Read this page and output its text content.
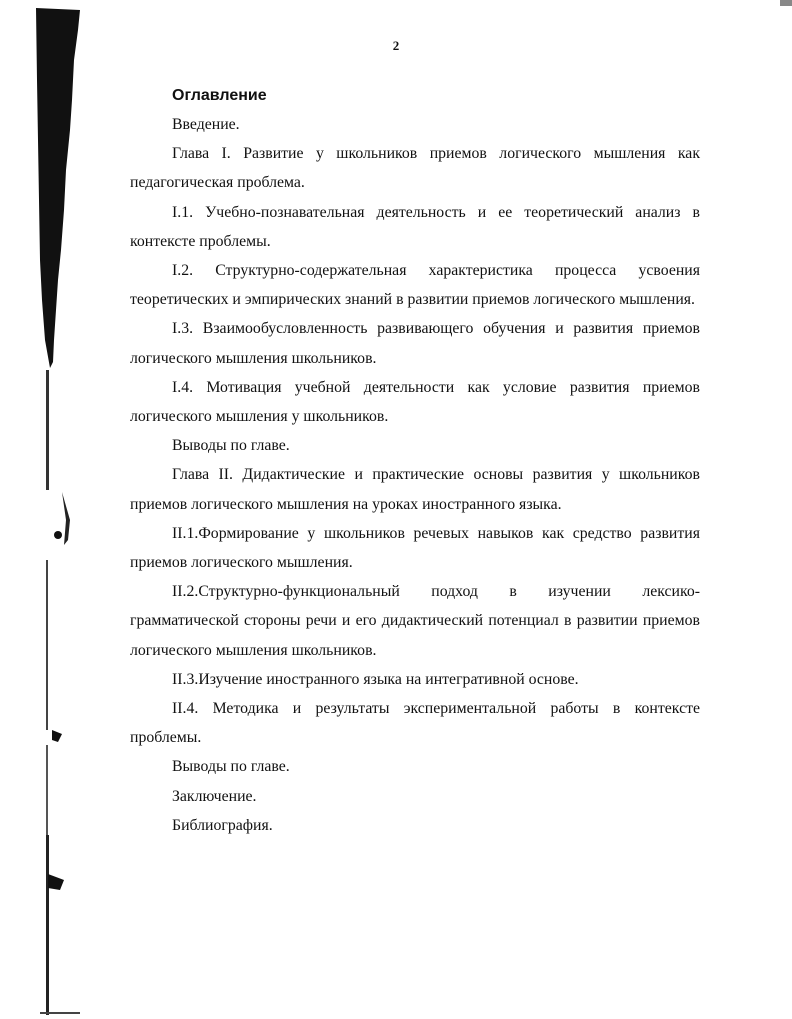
2
Оглавление

Введение.

Глава I. Развитие у школьников приемов логического мышления как педагогическая проблема.

I.1. Учебно-познавательная деятельность и ее теоретический анализ в контексте проблемы.

I.2. Структурно-содержательная характеристика процесса усвоения теоретических и эмпирических знаний в развитии приемов логического мышления.

I.3. Взаимообусловленность развивающего обучения и развития приемов логического мышления школьников.

I.4. Мотивация учебной деятельности как условие развития приемов логического мышления у школьников.

Выводы по главе.

Глава II. Дидактические и практические основы развития у школьников приемов логического мышления на уроках иностранного языка.

II.1.Формирование у школьников речевых навыков как средство развития приемов логического мышления.

II.2.Структурно-функциональный подход в изучении лексико- грамматической стороны речи и его дидактический потенциал в развитии приемов логического мышления школьников.

II.3.Изучение иностранного языка на интегративной основе.

II.4. Методика и результаты экспериментальной работы в контексте проблемы.

Выводы по главе.

Заключение.

Библиография.
